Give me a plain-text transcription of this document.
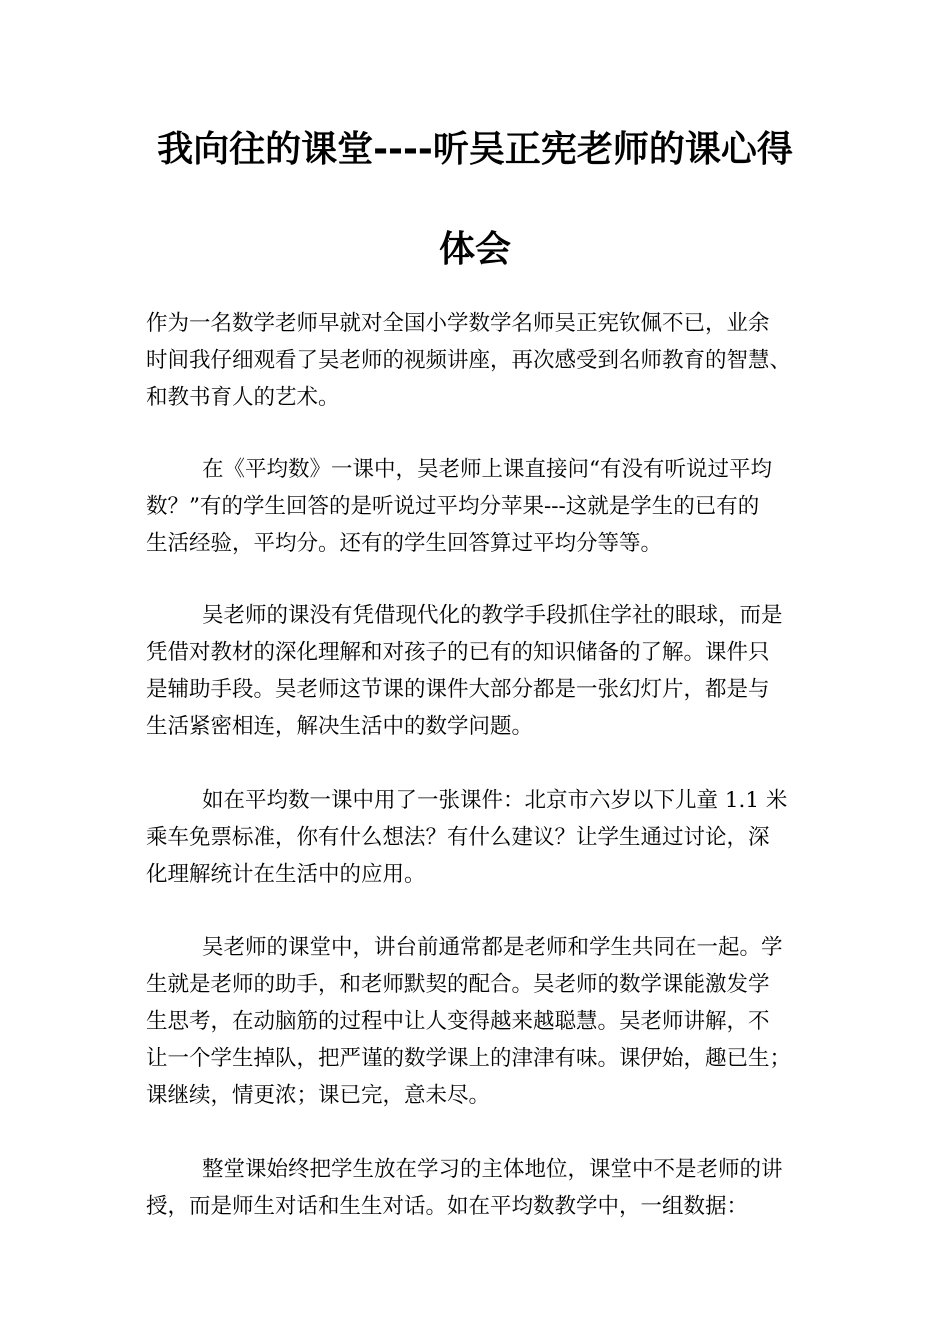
我向往的课堂----听吴正宪老师的课心得
体会
作为一名数学老师早就对全国小学数学名师吴正宪钦佩不已，业余
时间我仔细观看了吴老师的视频讲座，再次感受到名师教育的智慧、
和教书育人的艺术。
在《平均数》一课中，吴老师上课直接问“有没有听说过平均
数？”有的学生回答的是听说过平均分苹果---这就是学生的已有的
生活经验，平均分。还有的学生回答算过平均分等等。
吴老师的课没有凭借现代化的教学手段抓住学社的眼球，而是
凭借对教材的深化理解和对孩子的已有的知识储备的了解。课件只
是辅助手段。吴老师这节课的课件大部分都是一张幻灯片，都是与
生活紧密相连，解决生活中的数学问题。
如在平均数一课中用了一张课件：北京市六岁以下儿童 1.1 米
乘车免票标准，你有什么想法？有什么建议？让学生通过讨论，深
化理解统计在生活中的应用。
吴老师的课堂中，讲台前通常都是老师和学生共同在一起。学
生就是老师的助手，和老师默契的配合。吴老师的数学课能激发学
生思考，在动脑筋的过程中让人变得越来越聪慧。吴老师讲解，不
让一个学生掉队，把严谨的数学课上的津津有味。课伊始，趣已生；
课继续，情更浓；课已完，意未尽。
整堂课始终把学生放在学习的主体地位，课堂中不是老师的讲
授，而是师生对话和生生对话。如在平均数教学中，一组数据：
